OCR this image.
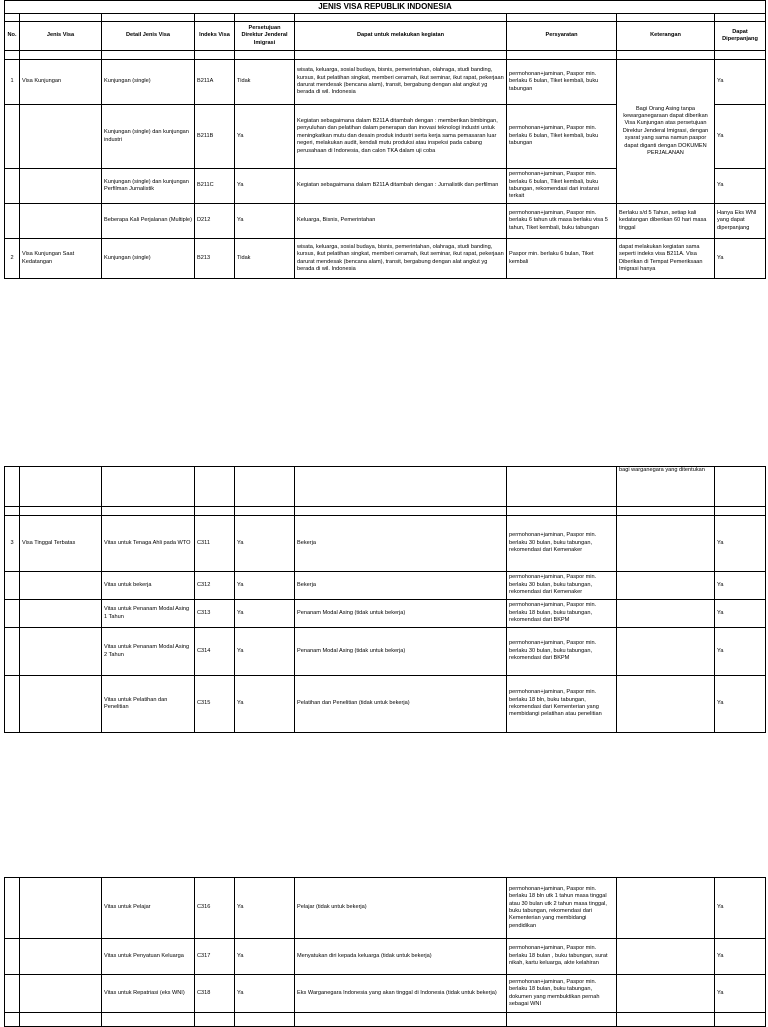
JENIS VISA REPUBLIK INDONESIA								

No.	Jenis Visa	Detail Jenis Visa	Indeks Visa	Persetujuan Direktur Jenderal Imigrasi	Dapat untuk melakukan kegiatan	Persyaratan	Keterangan	Dapat Diperpanjang

1	Visa Kunjungan	Kunjungan (single)	B211A	Tidak	wisata, keluarga, sosial budaya, bisnis, pemerintahan, olahraga, studi banding, kursus, ikut pelatihan singkat, memberi ceramah, ikut seminar, ikut rapat, pekerjaan darurat mendesak (bencana alam), transit, bergabung dengan alat angkut yg berada di wil. Indonesia	permohonan+jaminan, Paspor min. berlaku 6 bulan, Tiket kembali, buku tabungan	Bagi Orang Asing tanpa kewarganegaraan dapat diberikan Visa Kunjungan atas persetujuan Direktur Jenderal Imigrasi, dengan syarat yang sama namun paspor dapat diganti dengan DOKUMEN PERJALANAN	Ya
		Kunjungan (single) dan kunjungan industri	B211B	Ya	Kegiatan sebagaimana dalam B211A ditambah dengan : memberikan bimbingan, penyuluhan dan pelatihan dalam penerapan dan inovasi teknologi industri untuk meningkatkan mutu dan desain produk industri serta kerja sama pemasaran luar negeri, melakukan audit, kendali mutu produksi atau inspeksi pada cabang perusahaan di Indonesia, dan calon TKA dalam uji coba	permohonan+jaminan, Paspor min. berlaku 6 bulan, Tiket kembali, buku tabungan		Ya
		Kunjungan (single) dan kunjungan Perfilman Jurnalistik	B211C	Ya	Kegiatan sebagaimana dalam B211A ditambah dengan : Jurnalistik dan perfilman	permohonan+jaminan, Paspor min. berlaku 6 bulan, Tiket kembali, buku tabungan, rekomendasi dari instansi terkait		Ya
		Beberapa Kali Perjalanan (Multiple)	D212	Ya	Keluarga, Bisnis, Pemerintahan	permohonan+jaminan, Paspor min. berlaku 6 tahun utk masa berlaku visa 5 tahun, Tiket kembali, buku tabungan	Berlaku s/d 5 Tahun, setiap kali kedatangan diberikan 60 hari masa tinggal	Hanya Eks WNI yang dapat diperpanjang
2	Visa Kunjungan Saat Kedatangan	Kunjungan (single)	B213	Tidak	wisata, keluarga, sosial budaya, bisnis, pemerintahan, olahraga, studi banding, kursus, ikut pelatihan singkat, memberi ceramah, ikut seminar, ikut rapat, pekerjaan darurat mendesak (bencana alam), transit, bergabung dengan alat angkut yg berada di wil. Indonesia	Paspor min. berlaku 6 bulan, Tiket kembali	dapat melakukan kegiatan sama seperti indeks visa B211A. Visa Diberikan di Tempat Pemeriksaan Imigrasi hanya	Ya
							bagi warganegara yang ditentukan	

3	Visa Tinggal Terbatas	Vitas untuk Tenaga Ahli pada WTO	C311	Ya	Bekerja	permohonan+jaminan, Paspor min. berlaku 30 bulan, buku tabungan, rekomendasi dari Kemenaker		Ya
		Vitas untuk bekerja	C312	Ya	Bekerja	permohonan+jaminan, Paspor min. berlaku 30 bulan, buku tabungan, rekomendasi dari Kemenaker		Ya
		Vitas untuk Penanam Modal Asing 1 Tahun	C313	Ya	Penanam Modal Asing (tidak untuk bekerja)	permohonan+jaminan, Paspor min. berlaku 18 bulan, buku tabungan, rekomendasi dari BKPM		Ya
		Vitas untuk Penanam Modal Asing 2 Tahun	C314	Ya	Penanam Modal Asing (tidak untuk bekerja)	permohonan+jaminan, Paspor min. berlaku 30 bulan, buku tabungan, rekomendasi dari BKPM		Ya
		Vitas untuk Pelatihan dan Penelitian	C315	Ya	Pelatihan dan Penelitian (tidak untuk bekerja)	permohonan+jaminan, Paspor min. berlaku 18 bln, buku tabungan, rekomendasi dari Kementerian yang membidangi pelatihan atau penelitian		Ya
		Vitas untuk Pelajar	C316	Ya	Pelajar (tidak untuk bekerja)	permohonan+jaminan, Paspor min. berlaku 18 bln utk 1 tahun masa tinggal atau 30 bulan utk 2 tahun masa tinggal, buku tabungan, rekomendasi dari Kementerian yang membidangi pendidikan		Ya
		Vitas untuk Penyatuan Keluarga	C317	Ya	Menyatukan diri kepada keluarga (tidak untuk bekerja)	permohonan+jaminan, Paspor min. berlaku 18 bulan , buku tabungan, surat nikah, kartu keluarga, akte kelahiran		Ya
		Vitas untuk Repatriasi (eks WNI)	C318	Ya	Eks Warganegara Indonesia yang akan tinggal di Indonesia (tidak untuk bekerja)	permohonan+jaminan, Paspor min. berlaku 18 bulan, buku tabungan, dokumen yang membuktikan pernah sebagai WNI		Ya
